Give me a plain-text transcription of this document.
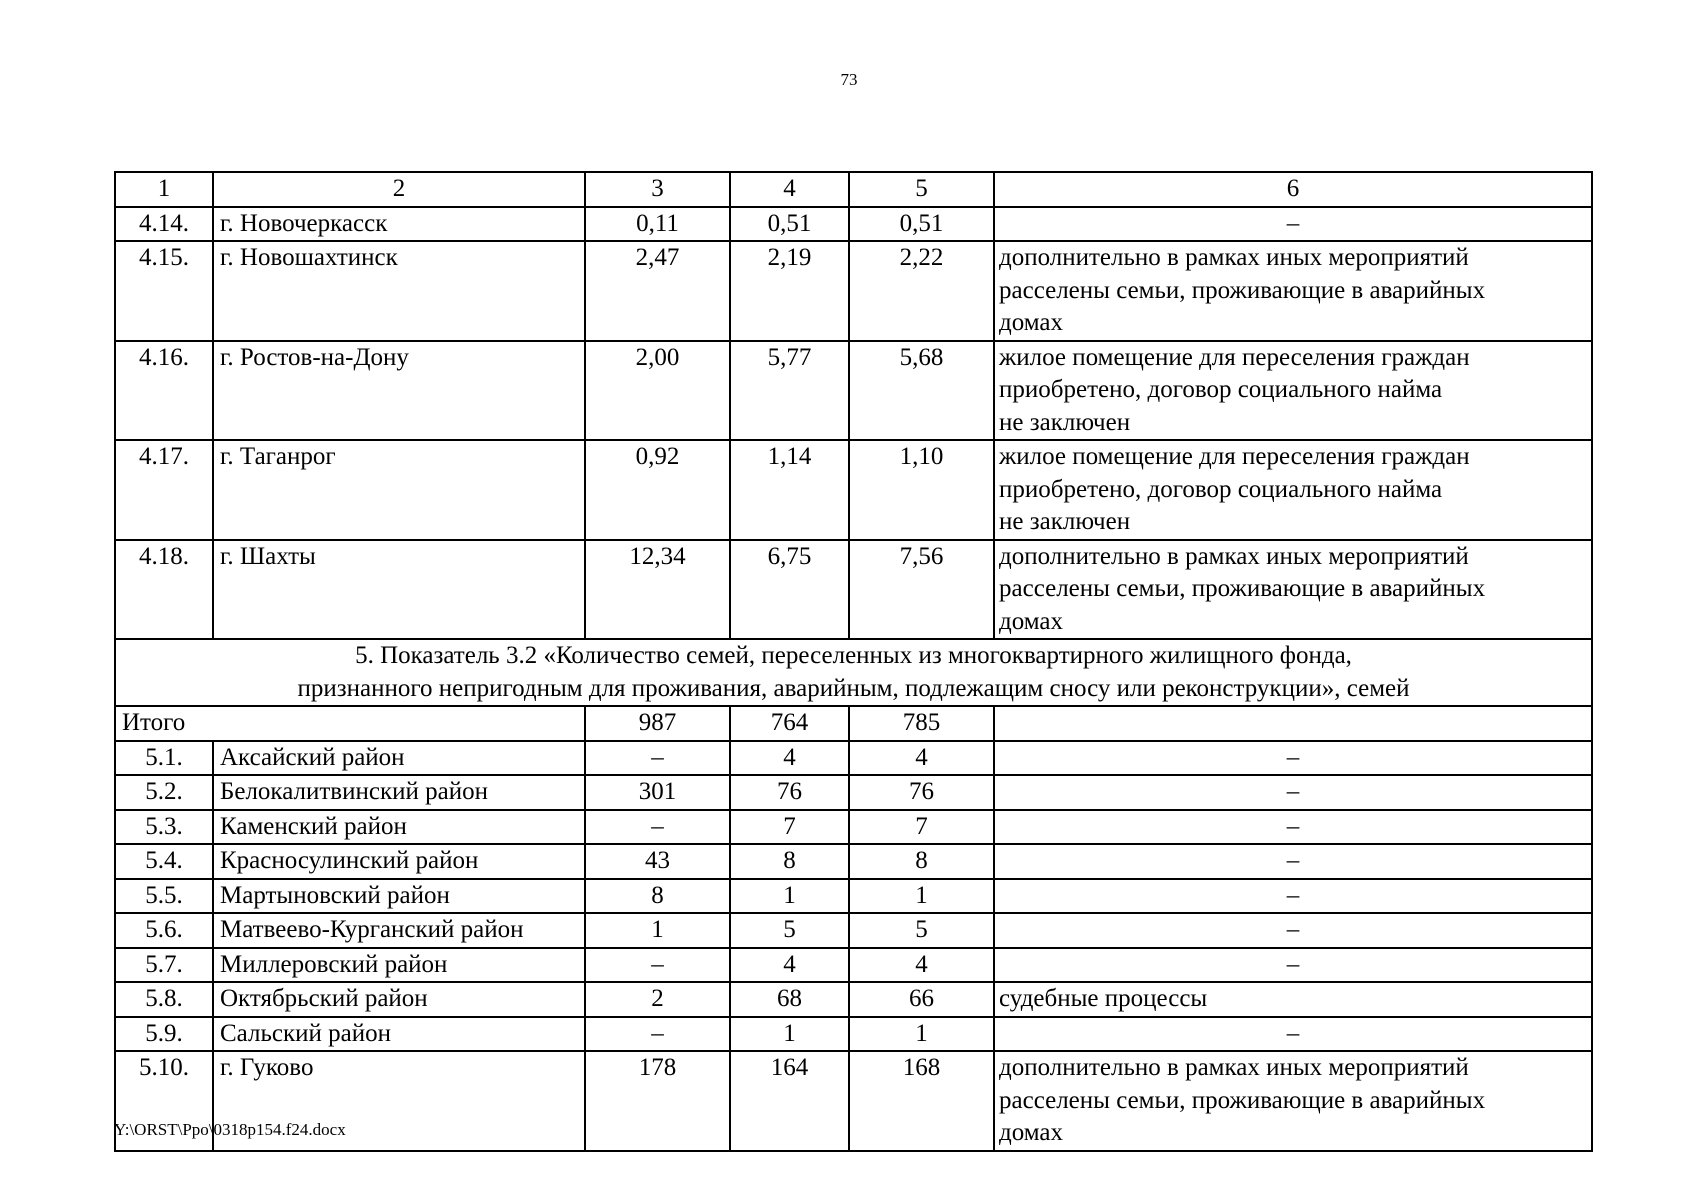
73
1	2	3	4	5	6
4.14.	г. Новочеркасск	0,11	0,51	0,51	–
4.15.	г. Новошахтинск	2,47	2,19	2,22	дополнительно в рамках иных мероприятий
расселены семьи, проживающие в аварийных
домах
4.16.	г. Ростов-на-Дону	2,00	5,77	5,68	жилое помещение для переселения граждан
приобретено, договор социального найма
не заключен
4.17.	г. Таганрог	0,92	1,14	1,10	жилое помещение для переселения граждан
приобретено, договор социального найма
не заключен
4.18.	г. Шахты	12,34	6,75	7,56	дополнительно в рамках иных мероприятий
расселены семьи, проживающие в аварийных
домах
5. Показатель 3.2 «Количество семей, переселенных из многоквартирного жилищного фонда,
признанного непригодным для проживания, аварийным, подлежащим сносу или реконструкции», семей					
Итого		987	764	785	
5.1.	Аксайский район	–	4	4	–
5.2.	Белокалитвинский район	301	76	76	–
5.3.	Каменский район	–	7	7	–
5.4.	Красносулинский район	43	8	8	–
5.5.	Мартыновский район	8	1	1	–
5.6.	Матвеево-Курганский район	1	5	5	–
5.7.	Миллеровский район	–	4	4	–
5.8.	Октябрьский район	2	68	66	судебные процессы
5.9.	Сальский район	–	1	1	–
5.10.	г. Гуково	178	164	168	дополнительно в рамках иных мероприятий
расселены семьи, проживающие в аварийных
домах
Y:\ORST\Ppo\0318p154.f24.docx
